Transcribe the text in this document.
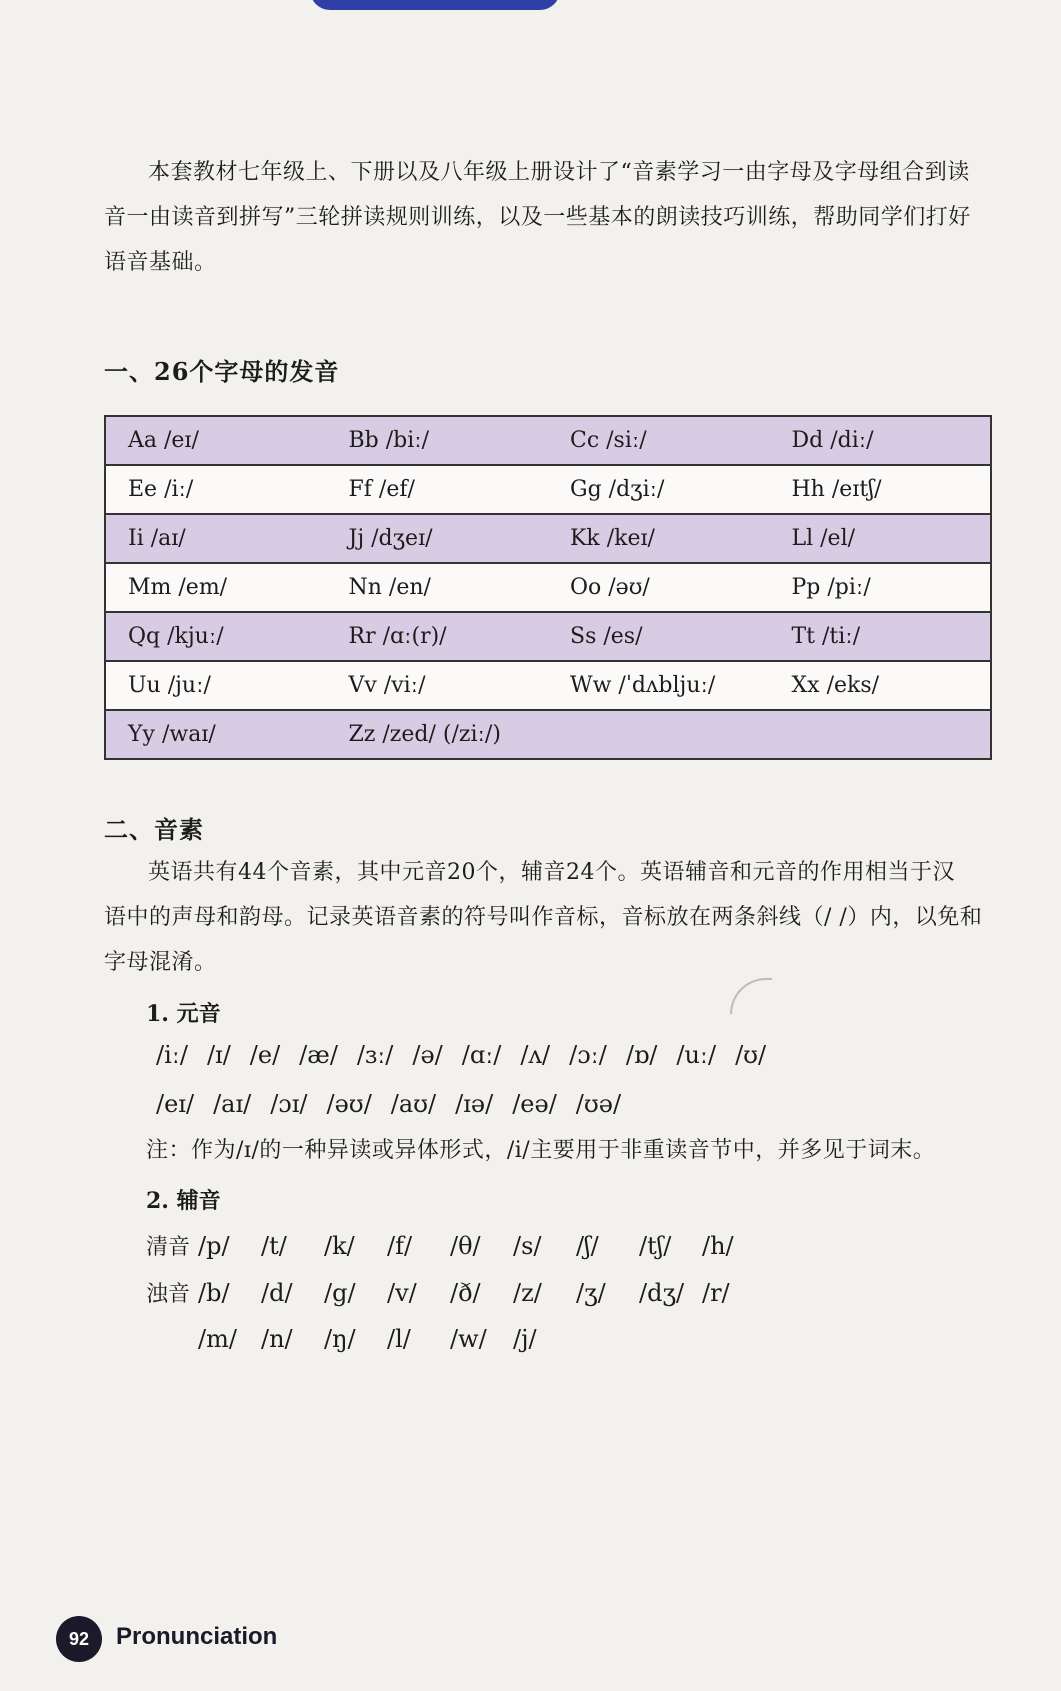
本套教材七年级上、下册以及八年级上册设计了“音素学习一由字母及字母组合到读
音一由读音到拼写”三轮拼读规则训练，以及一些基本的朗读技巧训练，帮助同学们打好
语音基础。
一、26个字母的发音
Aa /eɪ/	Bb /biː/	Cc /siː/	Dd /diː/
Ee /iː/	Ff /ef/	Gg /dʒiː/	Hh /eɪtʃ/
Ii /aɪ/	Jj /dʒeɪ/	Kk /keɪ/	Ll /el/
Mm /em/	Nn /en/	Oo /əʊ/	Pp /piː/
Qq /kjuː/	Rr /ɑː(r)/	Ss /es/	Tt /tiː/
Uu /juː/	Vv /viː/	Ww /ˈdʌbljuː/	Xx /eks/
Yy /waɪ/	Zz /zed/ (/ziː/)		
二、音素
英语共有44个音素，其中元音20个，辅音24个。英语辅音和元音的作用相当于汉
语中的声母和韵母。记录英语音素的符号叫作音标，音标放在两条斜线（/ /）内，以免和
字母混淆。
1. 元音
/iː/ /ɪ/ /e/ /æ/ /ɜː/ /ə/ /ɑː/ /ʌ/ /ɔː/ /ɒ/ /uː/ /ʊ/
/eɪ/ /aɪ/ /ɔɪ/ /əʊ/ /aʊ/ /ɪə/ /eə/ /ʊə/
注：作为/ɪ/的一种异读或异体形式，/i/主要用于非重读音节中，并多见于词末。
2. 辅音
清音 /p/ /t/ /k/ /f/ /θ/ /s/ /ʃ/ /tʃ/ /h/
浊音 /b/ /d/ /g/ /v/ /ð/ /z/ /ʒ/ /dʒ/ /r/
/m/ /n/ /ŋ/ /l/ /w/ /j/
92	Pronunciation
